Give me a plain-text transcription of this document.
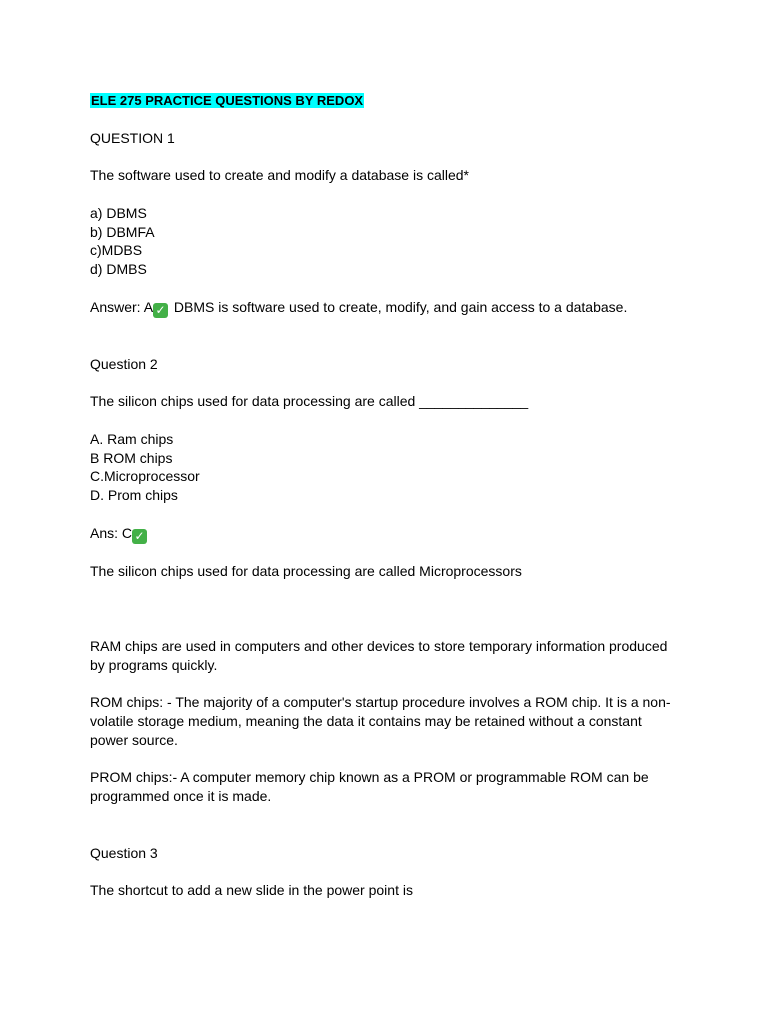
ELE 275 PRACTICE QUESTIONS BY REDOX

QUESTION 1

The software used to create and modify a database is called*

a) DBMS

b) DBMFA

c)MDBS

d) DMBS

Answer: A ✓ DBMS is software used to create, modify, and gain access to a database.

Question 2

The silicon chips used for data processing are called ______________

A. Ram chips

B ROM chips

C.Microprocessor

D. Prom chips

Ans: C ✓

The silicon chips used for data processing are called Microprocessors

RAM chips are used in computers and other devices to store temporary information produced by programs quickly.

ROM chips: - The majority of a computer's startup procedure involves a ROM chip. It is a non-volatile storage medium, meaning the data it contains may be retained without a constant power source.

PROM chips:- A computer memory chip known as a PROM or programmable ROM can be programmed once it is made.

Question 3

The shortcut to add a new slide in the power point is
